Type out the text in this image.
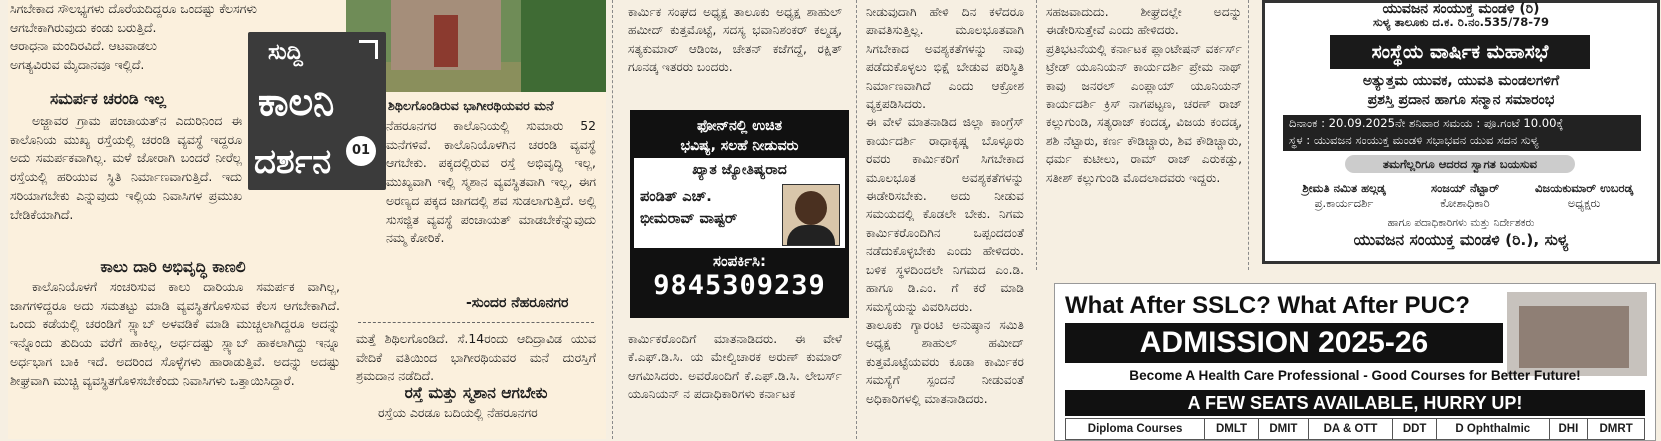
ಸಿಗಬೇಕಾದ ಸೌಲಭ್ಯಗಳು ದೊರೆಯದಿದ್ದರೂ ಒಂದಷ್ಟು ಕೆಲಸಗಳು

ಆಗಬೇಕಾಗಿರುವುದು ಕಂಡು ಬರುತ್ತಿದೆ.

ಆರಾಧನಾ ಮಂದಿರವಿದೆ. ಆಟವಾಡಲು

ಅಗತ್ಯವಿರುವ ಮೈದಾನವೂ ಇಲ್ಲಿದೆ.

ಸಮರ್ಪಕ ಚರಂಡಿ ಇಲ್ಲ

ಅಜ್ಜಾವರ ಗ್ರಾಮ ಪಂಚಾಯತ್‌ನ ಎದುರಿನಿಂದ ಈ ಕಾಲೊನಿಯ ಮುಖ್ಯ ರಸ್ತೆಯಲ್ಲಿ ಚರಂಡಿ ವ್ಯವಸ್ಥೆ ಇದ್ದರೂ ಅದು ಸಮರ್ಪಕವಾಗಿಲ್ಲ. ಮಳೆ ಜೋರಾಗಿ ಬಂದರೆ ನೀರೆಲ್ಲ ರಸ್ತೆಯಲ್ಲಿ ಹರಿಯುವ ಸ್ಥಿತಿ ನಿರ್ಮಾಣವಾಗುತ್ತಿದೆ. ಇದು ಸರಿಯಾಗಬೇಕು ಎನ್ನುವುದು ಇಲ್ಲಿಯ ನಿವಾಸಿಗಳ ಪ್ರಮುಖ ಬೇಡಿಕೆಯಾಗಿದೆ.

ಕಾಲು ದಾರಿ ಅಭಿವೃದ್ಧಿ ಕಾಣಲಿ

ಕಾಲೊನಿಯೊಳಗೆ ಸಂಚರಿಸುವ ಕಾಲು ದಾರಿಯೂ ಸಮರ್ಪಕ ವಾಗಿಲ್ಲ, ಜಾಗಗಳಿದ್ದರೂ ಅದು ಸಮತಟ್ಟು ಮಾಡಿ ವ್ಯವಸ್ಥಿತಗೊಳಿಸುವ ಕೆಲಸ ಆಗಬೇಕಾಗಿದೆ. ಒಂದು ಕಡೆಯಲ್ಲಿ ಚರಂಡಿಗೆ ಸ್ಲ್ಯಾಬ್ ಅಳವಡಿಕೆ ಮಾಡಿ ಮುಚ್ಚಲಾಗಿದ್ದರೂ ಅದನ್ನು ಇನ್ನೊಂದು ತುದಿಯ ವರೆಗೆ ಹಾಕಿಲ್ಲ, ಅರ್ಧದಷ್ಟು ಸ್ಲ್ಯಾಬ್ ಹಾಕಲಾಗಿದ್ದು ಇನ್ನೂ ಅರ್ಧಭಾಗ ಬಾಕಿ ಇದೆ. ಅದರಿಂದ ಸೊಳ್ಳೆಗಳು ಹಾರಾಡುತ್ತಿವೆ. ಅದನ್ನು ಅದಷ್ಟು ಶೀಘ್ರವಾಗಿ ಮುಚ್ಚಿ ವ್ಯವಸ್ಥಿತಗೊಳಿಸಬೇಕೆಂದು ನಿವಾಸಿಗಳು ಒತ್ತಾಯಿಸಿದ್ದಾರೆ.

ಶಿಥಿಲಗೊಂಡಿರುವ ಭಾಗೀರಥಿಯವರ ಮನೆ
ಸುದ್ದಿ
ಕಾಲನಿ
ದರ್ಶನ	01

ನೆಹರೂನಗರ ಕಾಲೊನಿಯಲ್ಲಿ ಸುಮಾರು 52 ಮನೆಗಳಿವೆ. ಕಾಲೊನಿಯೊಳಗಿನ ಚರಂಡಿ ವ್ಯವಸ್ಥೆ ಆಗಬೇಕು. ಪಕ್ಕದಲ್ಲಿರುವ ರಸ್ತೆ ಅಭಿವೃದ್ಧಿ ಇಲ್ಲ, ಮುಖ್ಯವಾಗಿ ಇಲ್ಲಿ ಸ್ಮಶಾನ ವ್ಯವಸ್ಥಿತವಾಗಿ ಇಲ್ಲ, ಈಗ ಅರಣ್ಯದ ಪಕ್ಕದ ಜಾಗದಲ್ಲಿ ಶವ ಸುಡಲಾಗುತ್ತಿದೆ. ಅಲ್ಲಿ ಸುಸಜ್ಜಿತ ವ್ಯವಸ್ಥೆ ಪಂಚಾಯತ್ ಮಾಡಬೇಕೆನ್ನುವುದು ನಮ್ಮ ಕೋರಿಕೆ.

-ಸುಂದರ ನೆಹರೂನಗರ

ಮತ್ತೆ ಶಿಥಿಲಗೊಂಡಿದೆ. ಸೆ.14ರಂದು ಆದಿದ್ರಾವಿಡ ಯುವ ವೇದಿಕೆ ವತಿಯಿಂದ ಭಾಗೀರಥಿಯವರ ಮನೆ ದುರಸ್ತಿಗೆ ಶ್ರಮದಾನ ನಡೆದಿದೆ.

ರಸ್ತೆ ಮತ್ತು ಸ್ಮಶಾನ ಆಗಬೇಕು

ರಸ್ತೆಯ ಎರಡೂ ಬದಿಯಲ್ಲಿ ನೆಹರೂನಗರ

ಕಾರ್ಮಿಕ ಸಂಘದ ಅಧ್ಯಕ್ಷ ತಾಲೂಕು ಅಧ್ಯಕ್ಷ ಶಾಹುಲ್ ಹಮೀದ್ ಕುತ್ತಮೊಟ್ಟೆ, ಸದಸ್ಯ ಭವಾನಿಶಂಕರ್ ಕಲ್ಮಡ್ಕ, ಸತ್ಯಕುಮಾರ್ ಆಡಿಂಜ, ಚೇತನ್ ಕಜೆಗದ್ದೆ, ರಕ್ಷಿತ್ ಗೂನಡ್ಕ ಇತರರು ಬಂದರು.

ಫೋನ್‌ನಲ್ಲಿ ಉಚಿತ
ಭವಿಷ್ಯ, ಸಲಹೆ ನೀಡುವರು
ಖ್ಯಾತ ಜ್ಯೋತಿಷ್ಯರಾದ
ಪಂಡಿತ್ ಎಚ್.
ಭೀಮರಾವ್ ವಾಷ್ಟರ್
ಸಂಪರ್ಕಿಸಿ:
9845309239

ಕಾರ್ಮಿಕರೊಂದಿಗೆ ಮಾತನಾಡಿದರು. ಈ ವೇಳೆ ಕೆ.ಎಫ್.ಡಿ.ಸಿ. ಯ ಮೇಲ್ವಿಚಾರಕ ಅರುಣ್ ಕುಮಾರ್ ಆಗಮಿಸಿದರು. ಅವರೊಂದಿಗೆ ಕೆ.ಎಫ್.ಡಿ.ಸಿ. ಲೇಬರ್ಸ್ ಯೂನಿಯನ್ ನ ಪದಾಧಿಕಾರಿಗಳು ಕರ್ನಾಟಕ

ನೀಡುವುದಾಗಿ ಹೇಳಿ ದಿನ ಕಳೆದರೂ ಪಾವತಿಸುತ್ತಿಲ್ಲ. ಮೂಲಭೂತವಾಗಿ ಸಿಗಬೇಕಾದ ಅವಶ್ಯಕತೆಗಳನ್ನು ನಾವು ಪಡೆದುಕೊಳ್ಳಲು ಭಿಕ್ಷೆ ಬೇಡುವ ಪರಿಸ್ಥಿತಿ ನಿರ್ಮಾಣವಾಗಿದೆ ಎಂದು ಆಕ್ರೋಶ ವ್ಯಕ್ತಪಡಿಸಿದರು.
ಈ ವೇಳೆ ಮಾತನಾಡಿದ ಜಿಲ್ಲಾ ಕಾಂಗ್ರೆಸ್ ಕಾರ್ಯದರ್ಶಿ ರಾಧಾಕೃಷ್ಣ ಬೊಳ್ಳೂರು ರವರು ಕಾರ್ಮಿಕರಿಗೆ ಸಿಗಬೇಕಾದ ಮೂಲಭೂತ ಅವಶ್ಯಕತೆಗಳನ್ನು ಈಡೇರಿಸಬೇಕು. ಅದು ನೀಡುವ ಸಮಯದಲ್ಲಿ ಕೊಡಲೇ ಬೇಕು. ನಿಗಮ ಕಾರ್ಮಿಕರೊಂದಿಗಿನ ಒಪ್ಪಂದದಂತೆ ನಡೆದುಕೊಳ್ಳಬೇಕು ಎಂದು ಹೇಳಿದರು. ಬಳಿಕ ಸ್ಥಳದಿಂದಲೇ ನಿಗಮದ ಎಂ.ಡಿ. ಹಾಗೂ ಡಿ.ಎಂ. ಗೆ ಕರೆ ಮಾಡಿ ಸಮಸ್ಯೆಯನ್ನು ವಿವರಿಸಿದರು.
ತಾಲೂಕು ಗ್ಯಾರಂಟಿ ಅನುಷ್ಠಾನ ಸಮಿತಿ ಅಧ್ಯಕ್ಷ ಶಾಹುಲ್ ಹಮೀದ್ ಕುತ್ತಮೊಟ್ಟೆಯವರು ಕೂಡಾ ಕಾರ್ಮಿಕರ ಸಮಸ್ಯೆಗೆ ಸ್ಪಂದನೆ ನೀಡುವಂತೆ ಅಧಿಕಾರಿಗಳಲ್ಲಿ ಮಾತನಾಡಿದರು.

ಸಹಜವಾದುದು. ಶೀಘ್ರದಲ್ಲೇ ಅದನ್ನು ಈಡೇರಿಸುತ್ತೇವೆ ಎಂದು ಹೇಳಿದರು.
ಪ್ರತಿಭಟನೆಯಲ್ಲಿ ಕರ್ನಾಟಕ ಪ್ಲಾಂಟೇಷನ್ ವರ್ಕರ್ಸ್ ಟ್ರೇಡ್ ಯೂನಿಯನ್ ಕಾರ್ಯದರ್ಶಿ ಪ್ರೇಮ ನಾಥ್ ಕಾವು ಜನರಲ್ ಎಂಪ್ಲಾಯ್ ಯೂನಿಯನ್ ಕಾರ್ಯದರ್ಶಿ ಕ್ರಿಸ್ ನಾಗಪಟ್ಟಣ, ಚರಣ್ ರಾಜ್ ಕಲ್ಲುಗುಂಡಿ, ಸತ್ಯರಾಜ್ ಕಂದಡ್ಕ, ವಿಜಯ ಕಂದಡ್ಕ, ಶಶಿ ನೆಟ್ಟಾರು, ಕರ್ಣ ಕೌಡಿಚ್ಚಾರು, ಶಿವ ಕೌಡಿಚ್ಚಾರು, ಧರ್ಮ ಕುಟೀಲು, ರಾಮ್ ರಾಜ್ ಎರುಕಡ್ಪು, ಸತೀಶ್ ಕಲ್ಲುಗುಂಡಿ ಮೊದಲಾದವರು ಇದ್ದರು.

ಯುವಜನ ಸಂಯುಕ್ತ ಮಂಡಳಿ (ರಿ)
ಸುಳ್ಯ ತಾಲೂಕು ದ.ಕ. ರಿ.ನಂ.535/78-79
ಸಂಸ್ಥೆಯ ವಾರ್ಷಿಕ ಮಹಾಸಭೆ
ಅತ್ಯುತ್ತಮ ಯುವಕ, ಯುವತಿ ಮಂಡಲಗಳಿಗೆ
ಪ್ರಶಸ್ತಿ ಪ್ರದಾನ ಹಾಗೂ ಸನ್ಮಾನ ಸಮಾರಂಭ
ದಿನಾಂಕ : 20.09.2025ನೇ ಶನಿವಾರ ಸಮಯ : ಪೂ.ಗಂಟೆ 10.00ಕ್ಕೆ
ಸ್ಥಳ : ಯುವಜನ ಸಂಯುಕ್ತ ಮಂಡಳಿ ಸಭಾಭವನ ಯುವ ಸದನ ಸುಳ್ಯ
ತಮಗೆಲ್ಲರಿಗೂ ಆದರದ ಸ್ವಾಗತ ಬಯಸುವ
ಶ್ರೀಮತಿ ನಮಿತ ಹಲ್ಗಡ್ಕ
ಪ್ರ.ಕಾರ್ಯದರ್ಶಿ
ಸಂಜಯ್ ನೆಟ್ಟಾರ್
ಕೋಶಾಧಿಕಾರಿ
ವಿಜಯಕುಮಾರ್ ಉಬರಡ್ಕ
ಅಧ್ಯಕ್ಷರು
ಹಾಗೂ ಪದಾಧಿಕಾರಿಗಳು ಮತ್ತು ನಿರ್ದೇಶಕರು
ಯುವಜನ ಸಂಯುಕ್ತ ಮಂಡಳಿ (ರಿ.), ಸುಳ್ಯ
What After SSLC? What After PUC?
ADMISSION 2025-26
Become A Health Care Professional - Good Courses for Better Future!
A FEW SEATS AVAILABLE, HURRY UP!
Diploma Courses	DMLT	DMIT	DA & OTT	DDT	D Ophthalmic	DHI	DMRT
